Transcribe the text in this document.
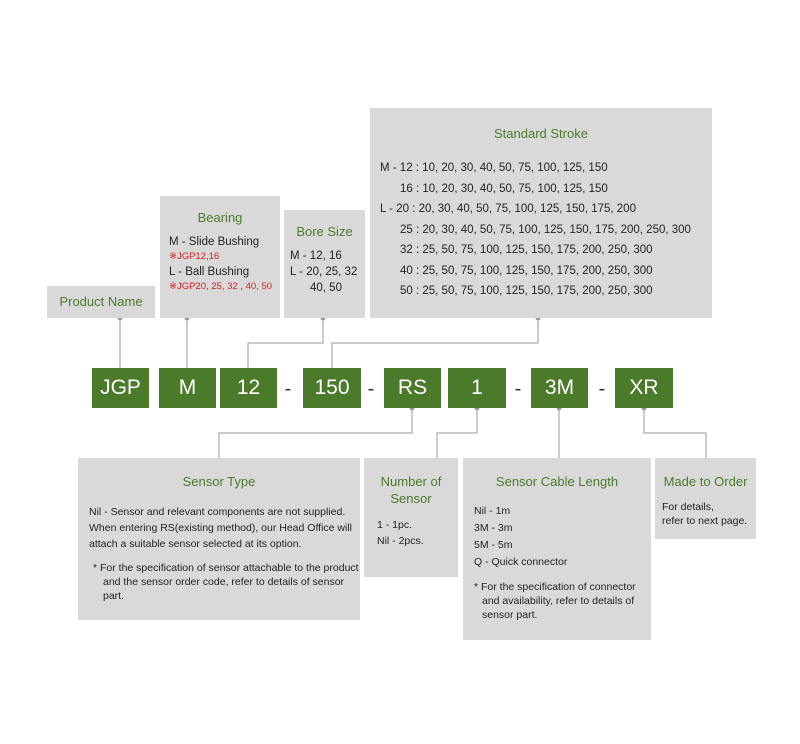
Product Name
Bearing
M - Slide Bushing
※JGP12,16
L - Ball Bushing
※JGP20, 25, 32 , 40, 50
Bore Size
M - 12, 16
L - 20, 25, 32
40, 50
Standard Stroke
M - 12 : 10, 20, 30, 40, 50, 75, 100, 125, 150
16 : 10, 20, 30, 40, 50, 75, 100, 125, 150
L - 20 : 20, 30, 40, 50, 75, 100, 125, 150, 175, 200
25 : 20, 30, 40, 50, 75, 100, 125, 150, 175, 200, 250, 300
32 : 25, 50, 75, 100, 125, 150, 175, 200, 250, 300
40 : 25, 50, 75, 100, 125, 150, 175, 200, 250, 300
50 : 25, 50, 75, 100, 125, 150, 175, 200, 250, 300
JGP	M	12	-	150 -	RS	1	-	3M	-	XR
Sensor Type
Nil - Sensor and relevant components are not supplied.
When entering RS(existing method), our Head Office will
attach a suitable sensor selected at its option.
* For the specification of sensor attachable to the product
and the sensor order code, refer to details of sensor part.
Number of
Sensor
1 - 1pc.
Nil - 2pcs.
Sensor Cable Length
Nil - 1m
3M - 3m
5M - 5m
Q - Quick connector
* For the specification of connector
and availability, refer to details of
sensor part.
Made to Order
For details,
refer to next page.
